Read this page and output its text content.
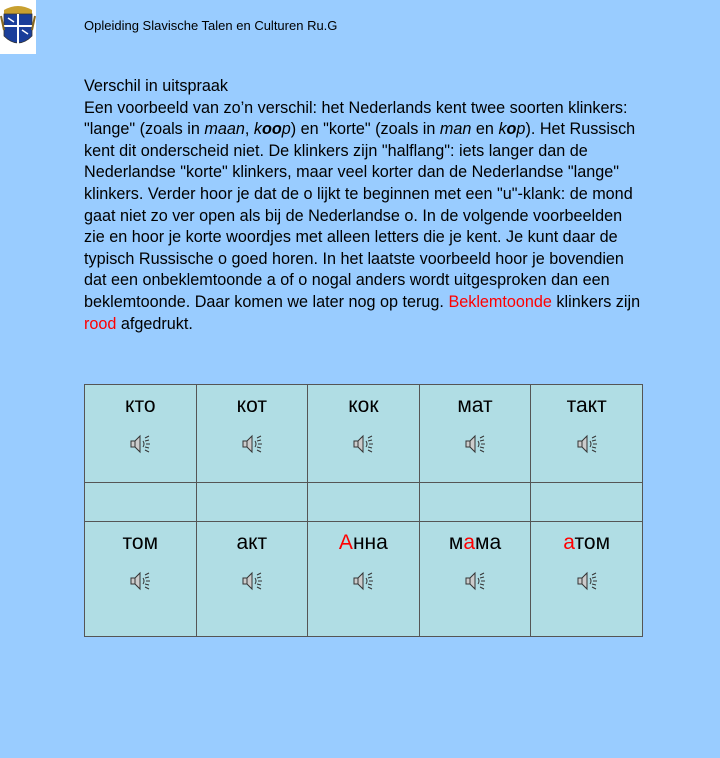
Opleiding Slavische Talen en Culturen Ru.G
Verschil in uitspraak
Een voorbeeld van zo’n verschil: het Nederlands kent twee soorten klinkers: "lange" (zoals in maan, koop) en "korte" (zoals in man en kop). Het Russisch kent dit onderscheid niet. De klinkers zijn "halflang": iets langer dan de Nederlandse "korte" klinkers, maar veel korter dan de Nederlandse "lange" klinkers. Verder hoor je dat de o lijkt te beginnen met een "u"-klank: de mond gaat niet zo ver open als bij de Nederlandse o. In de volgende voorbeelden zie en hoor je korte woordjes met alleen letters die je kent. Je kunt daar de typisch Russische o goed horen. In het laatste voorbeeld hoor je bovendien dat een onbeklemtoonde a of o nogal anders wordt uitgesproken dan een beklemtoonde. Daar komen we later nog op terug. Beklemtoonde klinkers zijn rood afgedrukt.
кто	кот	кок	мат	такт

том	акт	Анна	мама	атом
